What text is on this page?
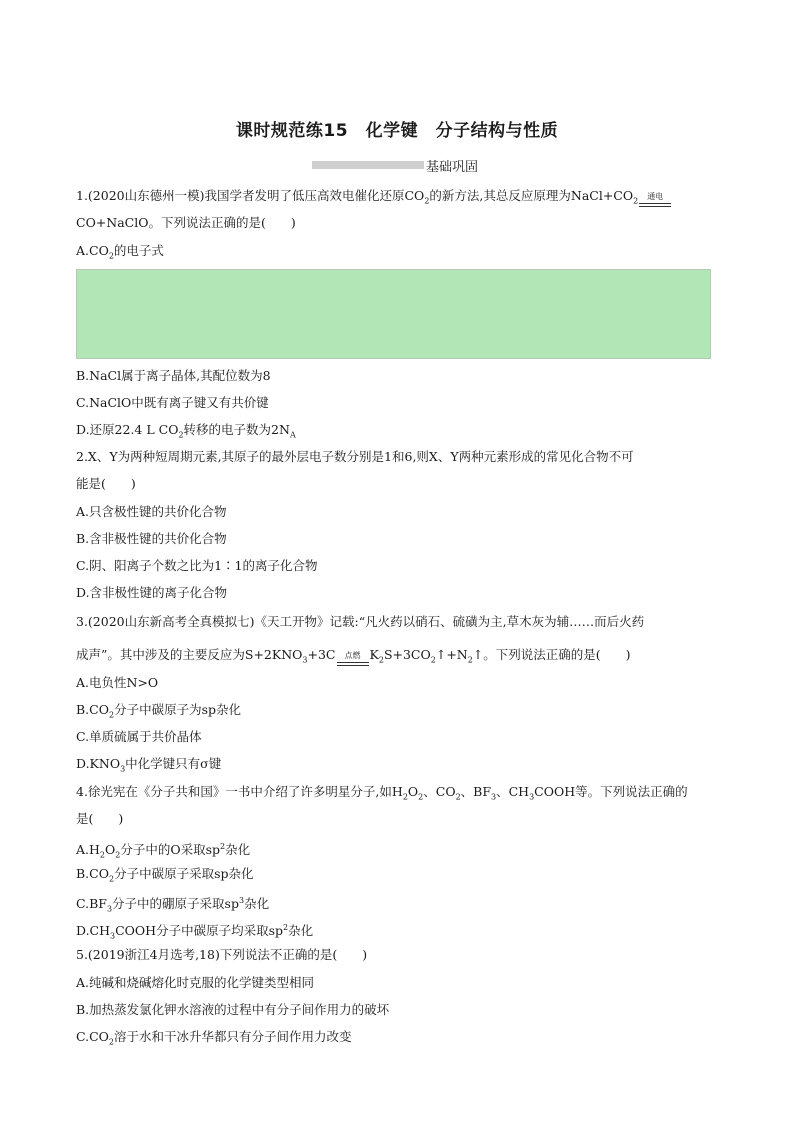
课时规范练15　化学键　分子结构与性质
基础巩固
1.(2020山东德州一模)我国学者发明了低压高效电催化还原$CO_2$的新方法,其总反应原理为$NaCl+CO_2$	通电
CO+NaClO。下列说法正确的是(　　)
$A.CO_2$的电子式
B.NaCl属于离子晶体,其配位数为8
C.NaClO中既有离子键又有共价键
D.还原22.4 L $CO_2$转移的电子数为$2N_A$
2.X、Y为两种短周期元素,其原子的最外层电子数分别是1和6,则X、Y两种元素形成的常见化合物不可
能是(　　)
A.只含极性键的共价化合物
B.含非极性键的共价化合物
C.阴、阳离子个数之比为1∶1的离子化合物
D.含非极性键的离子化合物
3.(2020山东新高考全真模拟七)《天工开物》记载:“凡火药以硝石、硫磺为主,草木灰为辅……而后火药
成声”。其中涉及的主要反应为$S+2KNO_3+3C$	点燃 $K_2S+3CO_2↑+N_2↑$。下列说法正确的是(　　)
A.电负性N>O
$B.CO_2$分子中碳原子为sp杂化
C.单质硫属于共价晶体
$D.KNO_3$中化学键只有σ键
4.徐光宪在《分子共和国》一书中介绍了许多明星分子,如$H_2O_2$、$CO_2$、$BF_3$、$CH_3COOH$等。下列说法正确的
是(　　)
$A.H_2O_2$分子中的O采取$sp^2$杂化
$B.CO_2$分子中碳原子采取sp杂化
$C.BF_3$分子中的硼原子采取$sp^3$杂化
$D.CH_3COOH$分子中碳原子均采取$sp^2$杂化
5.(2019浙江4月选考,18)下列说法不正确的是(　　)
A.纯碱和烧碱熔化时克服的化学键类型相同
B.加热蒸发氯化钾水溶液的过程中有分子间作用力的破坏
$C.CO_2$溶于水和干冰升华都只有分子间作用力改变
